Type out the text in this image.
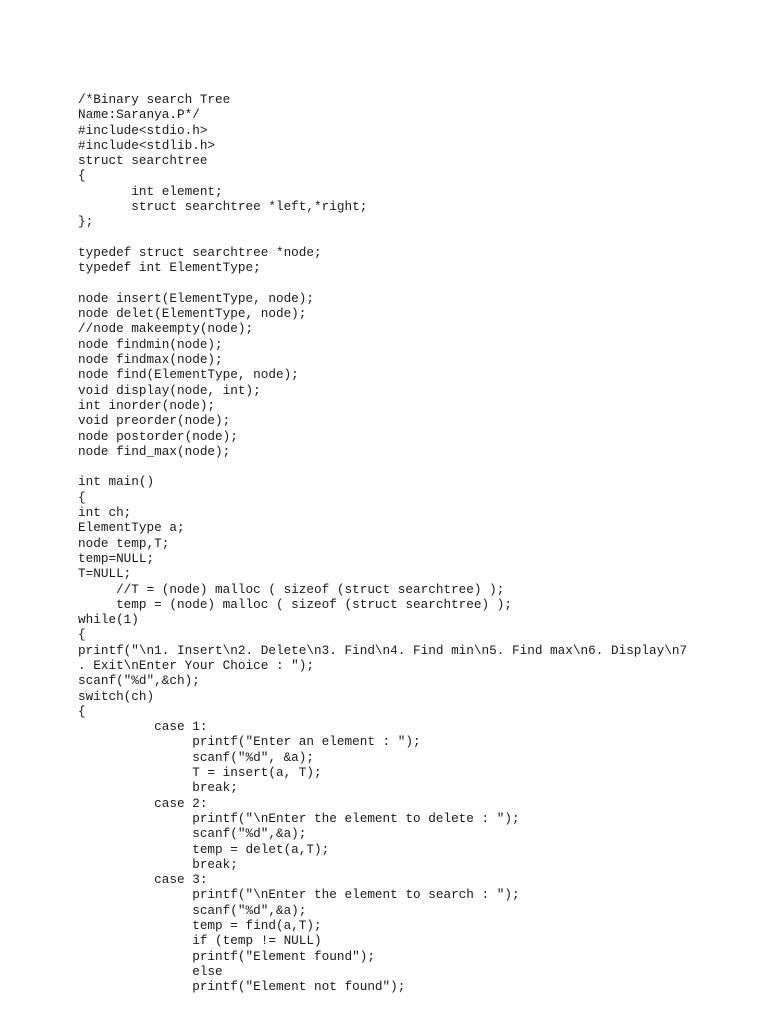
/*Binary search Tree
Name:Saranya.P*/
#include<stdio.h>
#include<stdlib.h>
struct searchtree
{
int element;
struct searchtree *left,*right;
};
typedef struct searchtree *node;
typedef int ElementType;
node insert(ElementType, node);
node delet(ElementType, node);
//node makeempty(node);
node findmin(node);
node findmax(node);
node find(ElementType, node);
void display(node, int);
int inorder(node);
void preorder(node);
node postorder(node);
node find_max(node);
int main()
{
int ch;
ElementType a;
node temp,T;
temp=NULL;
T=NULL;
//T = (node) malloc ( sizeof (struct searchtree) );
temp = (node) malloc ( sizeof (struct searchtree) );
while(1)
{
printf("\n1. Insert\n2. Delete\n3. Find\n4. Find min\n5. Find max\n6. Display\n7
. Exit\nEnter Your Choice : ");
scanf("%d",&ch);
switch(ch)
{
case 1:
printf("Enter an element : ");
scanf("%d", &a);
T = insert(a, T);
break;
case 2:
printf("\nEnter the element to delete : ");
scanf("%d",&a);
temp = delet(a,T);
break;
case 3:
printf("\nEnter the element to search : ");
scanf("%d",&a);
temp = find(a,T);
if (temp != NULL)
printf("Element found");
else
printf("Element not found");
